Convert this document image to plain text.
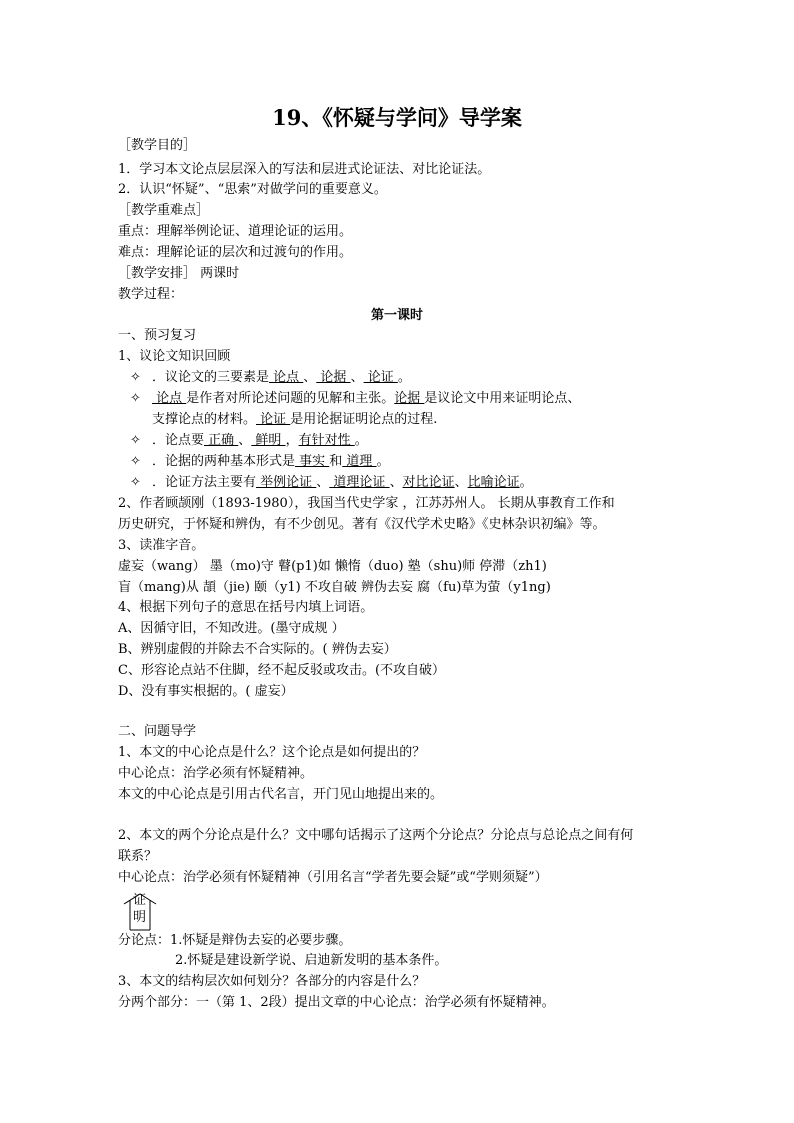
19、《怀疑与学问》导学案
［教学目的］
1．学习本文论点层层深入的写法和层进式论证法、对比论证法。
2．认识“怀疑”、“思索”对做学问的重要意义。
［教学重难点］
重点：理解举例论证、道理论证的运用。
难点：理解论证的层次和过渡句的作用。
［教学安排］ 两课时
教学过程：
第一课时
一、预习复习
1、议论文知识回顾
✧ ．议论文的三要素是 论点 、 论据 、 论证 。
✧ 论点 是作者对所论述问题的见解和主张。论据 是议论文中用来证明论点、
支撑论点的材料。 论证 是用论据证明论点的过程.
✧ ．论点要 正确 、 鲜明 ，有针对性 。
✧ ．论据的两种基本形式是 事实 和 道理 。
✧ ．论证方法主要有 举例论证 、 道理论证 、对比论证、比喻论证。
2、作者顾颉刚（1893-1980），我国当代史学家 ，江苏苏州人。 长期从事教育工作和
历史研究，于怀疑和辨伪，有不少创见。著有《汉代学术史略》《史林杂识初编》等。
3、读准字音。
虚妄（wang） 墨（mo)守 瞽(p1)如 懒惰（duo) 塾（shu)师 停滞（zh1)
盲（mang)从 頡（jie) 颐（y1) 不攻自破 辨伪去妄 腐（fu)草为萤（y1ng)
4、根据下列句子的意思在括号内填上词语。
A、因循守旧，不知改进。(墨守成规 ）
B、辨别虚假的并除去不合实际的。( 辨伪去妄）
C、形容论点站不住脚，经不起反驳或攻击。(不攻自破）
D、没有事实根据的。( 虚妄）
二、问题导学
1、本文的中心论点是什么？这个论点是如何提出的？
中心论点：治学必须有怀疑精神。
本文的中心论点是引用古代名言，开门见山地提出来的。
2、本文的两个分论点是什么？文中哪句话揭示了这两个分论点？分论点与总论点之间有何
联系？
中心论点：治学必须有怀疑精神（引用名言“学者先要会疑”或“学则须疑”）
证
明
分论点：1.怀疑是辩伪去妄的必要步骤。
2.怀疑是建设新学说、启迪新发明的基本条件。
3、本文的结构层次如何划分？各部分的内容是什么？
分两个部分：一（第 1、2段）提出文章的中心论点：治学必须有怀疑精神。
